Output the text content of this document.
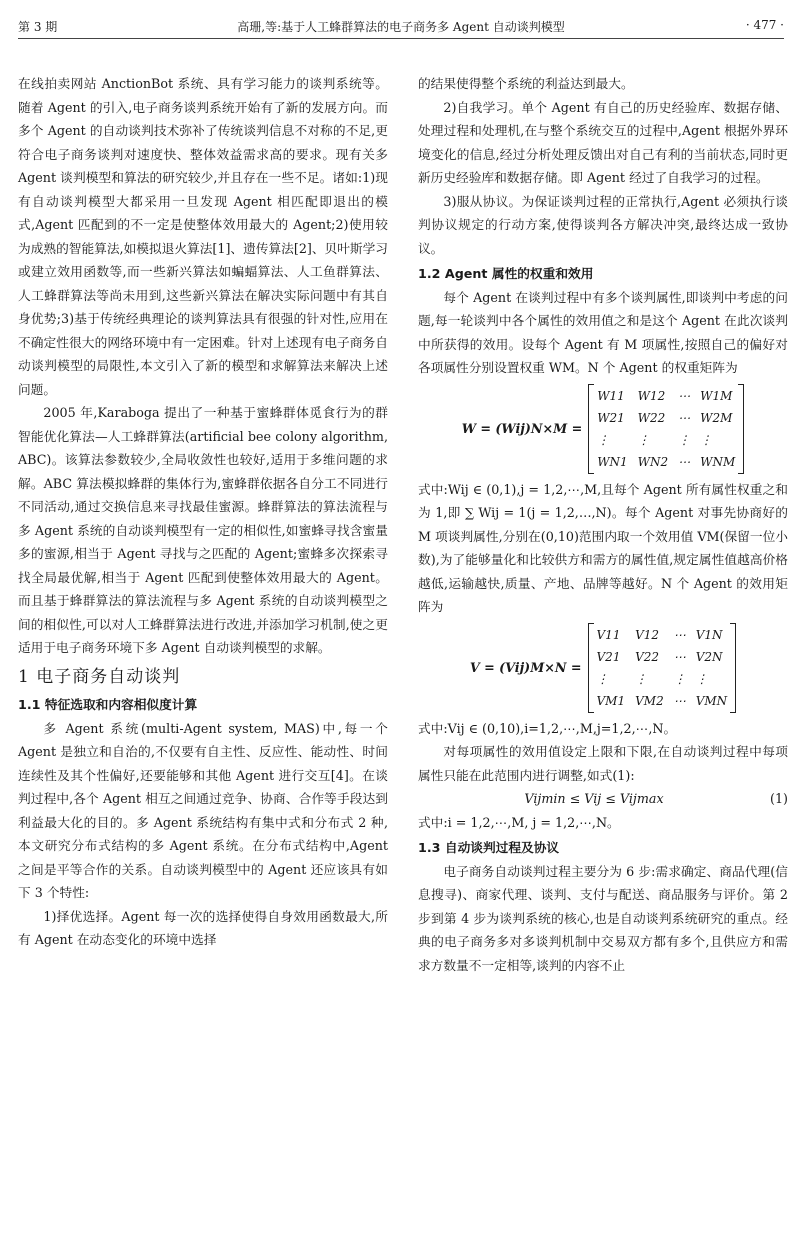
第 3 期	高珊,等:基于人工蜂群算法的电子商务多 Agent 自动谈判模型	· 477 ·

在线拍卖网站 AnctionBot 系统、具有学习能力的谈判系统等。随着 Agent 的引入,电子商务谈判系统开始有了新的发展方向。而多个 Agent 的自动谈判技术弥补了传统谈判信息不对称的不足,更符合电子商务谈判对速度快、整体效益需求高的要求。现有关多 Agent 谈判模型和算法的研究较少,并且存在一些不足。诸如:1)现有自动谈判模型大都采用一旦发现 Agent 相匹配即退出的模式,Agent 匹配到的不一定是使整体效用最大的 Agent;2)使用较为成熟的智能算法,如模拟退火算法[1]、遗传算法[2]、贝叶斯学习或建立效用函数等,而一些新兴算法如蝙蝠算法、人工鱼群算法、人工蜂群算法等尚未用到,这些新兴算法在解决实际问题中有其自身优势;3)基于传统经典理论的谈判算法具有很强的针对性,应用在不确定性很大的网络环境中有一定困难。针对上述现有电子商务自动谈判模型的局限性,本文引入了新的模型和求解算法来解决上述问题。

2005 年,Karaboga 提出了一种基于蜜蜂群体觅食行为的群智能优化算法—人工蜂群算法(artificial bee colony algorithm, ABC)。该算法参数较少,全局收敛性也较好,适用于多维问题的求解。ABC 算法模拟蜂群的集体行为,蜜蜂群依据各自分工不同进行不同活动,通过交换信息来寻找最佳蜜源。蜂群算法的算法流程与多 Agent 系统的自动谈判模型有一定的相似性,如蜜蜂寻找含蜜量多的蜜源,相当于 Agent 寻找与之匹配的 Agent;蜜蜂多次探索寻找全局最优解,相当于 Agent 匹配到使整体效用最大的 Agent。而且基于蜂群算法的算法流程与多 Agent 系统的自动谈判模型之间的相似性,可以对人工蜂群算法进行改进,并添加学习机制,使之更适用于电子商务环境下多 Agent 自动谈判模型的求解。

1 电子商务自动谈判
1.1 特征选取和内容相似度计算

多 Agent 系统(multi-Agent system, MAS)中,每一个 Agent 是独立和自治的,不仅要有自主性、反应性、能动性、时间连续性及其个性偏好,还要能够和其他 Agent 进行交互[4]。在谈判过程中,各个 Agent 相互之间通过竞争、协商、合作等手段达到利益最大化的目的。多 Agent 系统结构有集中式和分布式 2 种,本文研究分布式结构的多 Agent 系统。在分布式结构中,Agent 之间是平等合作的关系。自动谈判模型中的 Agent 还应该具有如下 3 个特性:

1)择优选择。Agent 每一次的选择使得自身效用函数最大,所有 Agent 在动态变化的环境中选择

的结果使得整个系统的利益达到最大。

2)自我学习。单个 Agent 有自己的历史经验库、数据存储、处理过程和处理机,在与整个系统交互的过程中,Agent 根据外界环境变化的信息,经过分析处理反馈出对自己有利的当前状态,同时更新历史经验库和数据存储。即 Agent 经过了自我学习的过程。

3)服从协议。为保证谈判过程的正常执行,Agent 必须执行谈判协议规定的行动方案,使得谈判各方解决冲突,最终达成一致协议。

1.2 Agent 属性的权重和效用

每个 Agent 在谈判过程中有多个谈判属性,即谈判中考虑的问题,每一轮谈判中各个属性的效用值之和是这个 Agent 在此次谈判中所获得的效用。设每个 Agent 有 M 项属性,按照自己的偏好对各项属性分别设置权重 WM。N 个 Agent 的权重矩阵为

W = (Wij)N×M =
W11 W12 ⋯ W1M
W21 W22 ⋯ W2M
⋮	⋮	⋮ ⋮
WN1 WN2 ⋯ WNM

式中:Wij ∈ (0,1),j = 1,2,⋯,M,且每个 Agent 所有属性权重之和为 1,即 ∑ Wij = 1(j = 1,2,…,N)。每个 Agent 对事先协商好的 M 项谈判属性,分别在(0,10)范围内取一个效用值 VM(保留一位小数),为了能够量化和比较供方和需方的属性值,规定属性值越高价格越低,运输越快,质量、产地、品牌等越好。N 个 Agent 的效用矩阵为

V = (Vij)M×N =
V11	V12	⋯ V1N
V21	V22	⋯ V2N
⋮	⋮	⋮ ⋮
VM1 VM2 ⋯ VMN

式中:Vij ∈ (0,10),i=1,2,⋯,M,j=1,2,⋯,N。

对每项属性的效用值设定上限和下限,在自动谈判过程中每项属性只能在此范围内进行调整,如式(1):

Vijmin ≤ Vij ≤ Vijmax	(1)

式中:i = 1,2,⋯,M, j = 1,2,⋯,N。

1.3 自动谈判过程及协议

电子商务自动谈判过程主要分为 6 步:需求确定、商品代理(信息搜寻)、商家代理、谈判、支付与配送、商品服务与评价。第 2 步到第 4 步为谈判系统的核心,也是自动谈判系统研究的重点。经典的电子商务多对多谈判机制中交易双方都有多个,且供应方和需求方数量不一定相等,谈判的内容不止
